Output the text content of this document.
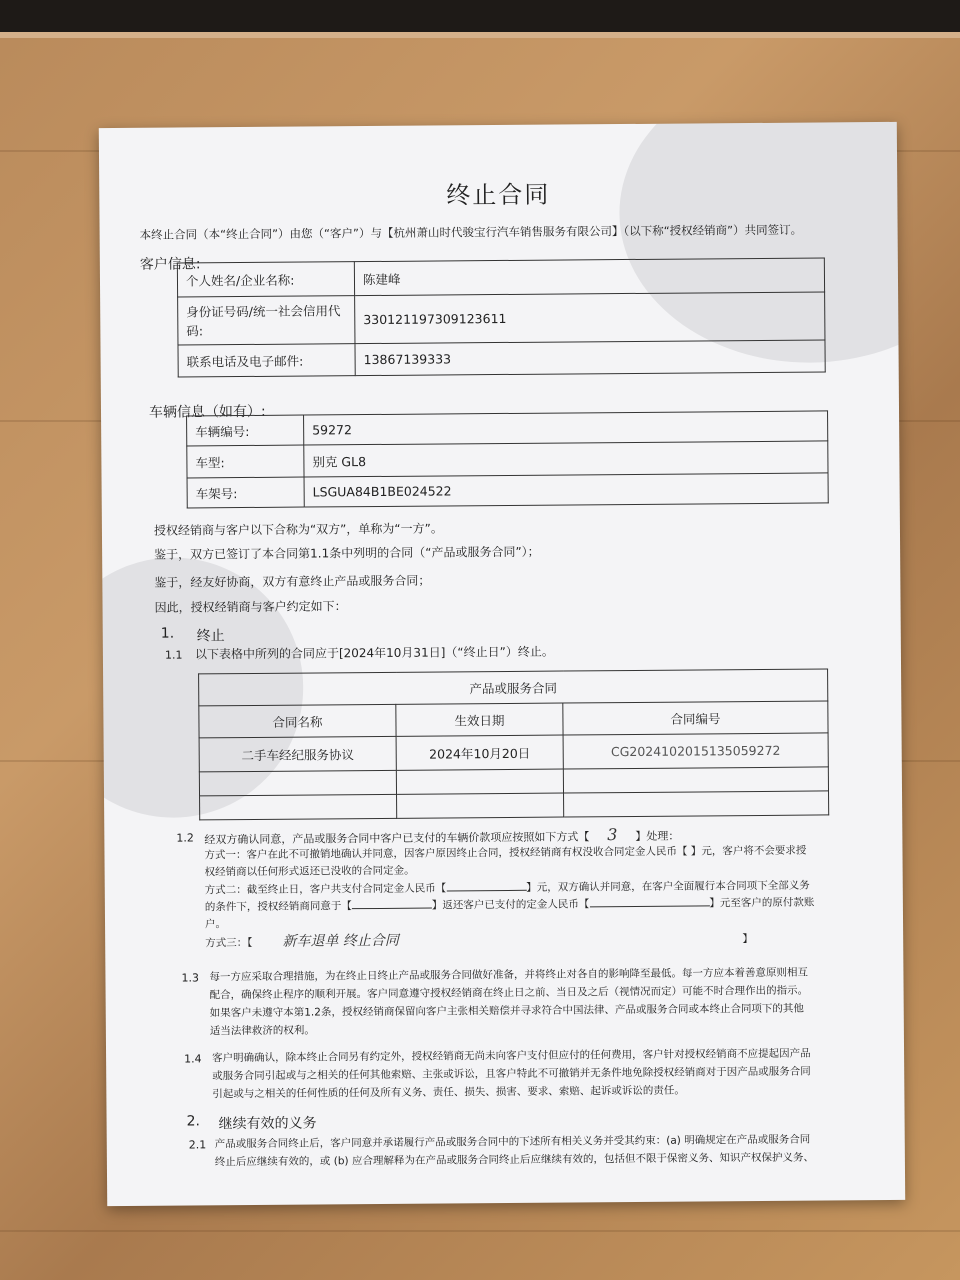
终止合同
本终止合同（本“终止合同”）由您（“客户”）与【杭州萧山时代骏宝行汽车销售服务有限公司】（以下称“授权经销商”）共同签订。
客户信息:
个人姓名/企业名称:	陈建峰
身份证号码/统一社会信用代码:	330121197309123611
联系电话及电子邮件:	13867139333
车辆信息（如有）:
车辆编号:	59272
车型:	别克 GL8
车架号:	LSGUA84B1BE024522
授权经销商与客户以下合称为“双方”，单称为“一方”。
鉴于，双方已签订了本合同第1.1条中列明的合同（“产品或服务合同”）；
鉴于，经友好协商，双方有意终止产品或服务合同；
因此，授权经销商与客户约定如下：
1. 终止
1.1 以下表格中所列的合同应于[2024年10月31日]（“终止日”）终止。
产品或服务合同		
合同名称	生效日期	合同编号
二手车经纪服务协议	2024年10月20日	CG20241020151350592​72

1.2 经双方确认同意，产品或服务合同中客户已支付的车辆价款项应按照如下方式【 3 】处理：
方式一：客户在此不可撤销地确认并同意，因客户原因终止合同，授权经销商有权没收合同定金人民币【 】元，客户将不会要求授
权经销商以任何形式返还已没收的合同定金。
方式二：截至终止日，客户共支付合同定金人民币【	】元，双方确认并同意，在客户全面履行本合同项下全部义务
的条件下，授权经销商同意于【	】返还客户已支付的定金人民币【	】元至客户的原付款账
户。
方式三：【 新车退单 终止合同	】
1.3 每一方应采取合理措施，为在终止日终止产品或服务合同做好准备，并将终止对各自的影响降至最低。每一方应本着善意原则相互
配合，确保终止程序的顺利开展。客户同意遵守授权经销商在终止日之前、当日及之后（视情况而定）可能不时合理作出的指示。
如果客户未遵守本第1.2条，授权经销商保留向客户主张相关赔偿并寻求符合中国法律、产品或服务合同或本终止合同项下的其他
适当法律救济的权利。
1.4 客户明确确认，除本终止合同另有约定外，授权经销商无尚未向客户支付但应付的任何费用，客户针对授权经销商不应提起因产品
或服务合同引起或与之相关的任何其他索赔、主张或诉讼，且客户特此不可撤销并无条件地免除授权经销商对于因产品或服务合同
引起或与之相关的任何性质的任何及所有义务、责任、损失、损害、要求、索赔、起诉或诉讼的责任。
2. 继续有效的义务
2.1 产品或服务合同终止后，客户同意并承诺履行产品或服务合同中的下述所有相关义务并受其约束：(a) 明确规定在产品或服务合同
终止后应继续有效的，或 (b) 应合理解释为在产品或服务合同终止后应继续有效的，包括但不限于保密义务、知识产权保护义务、
